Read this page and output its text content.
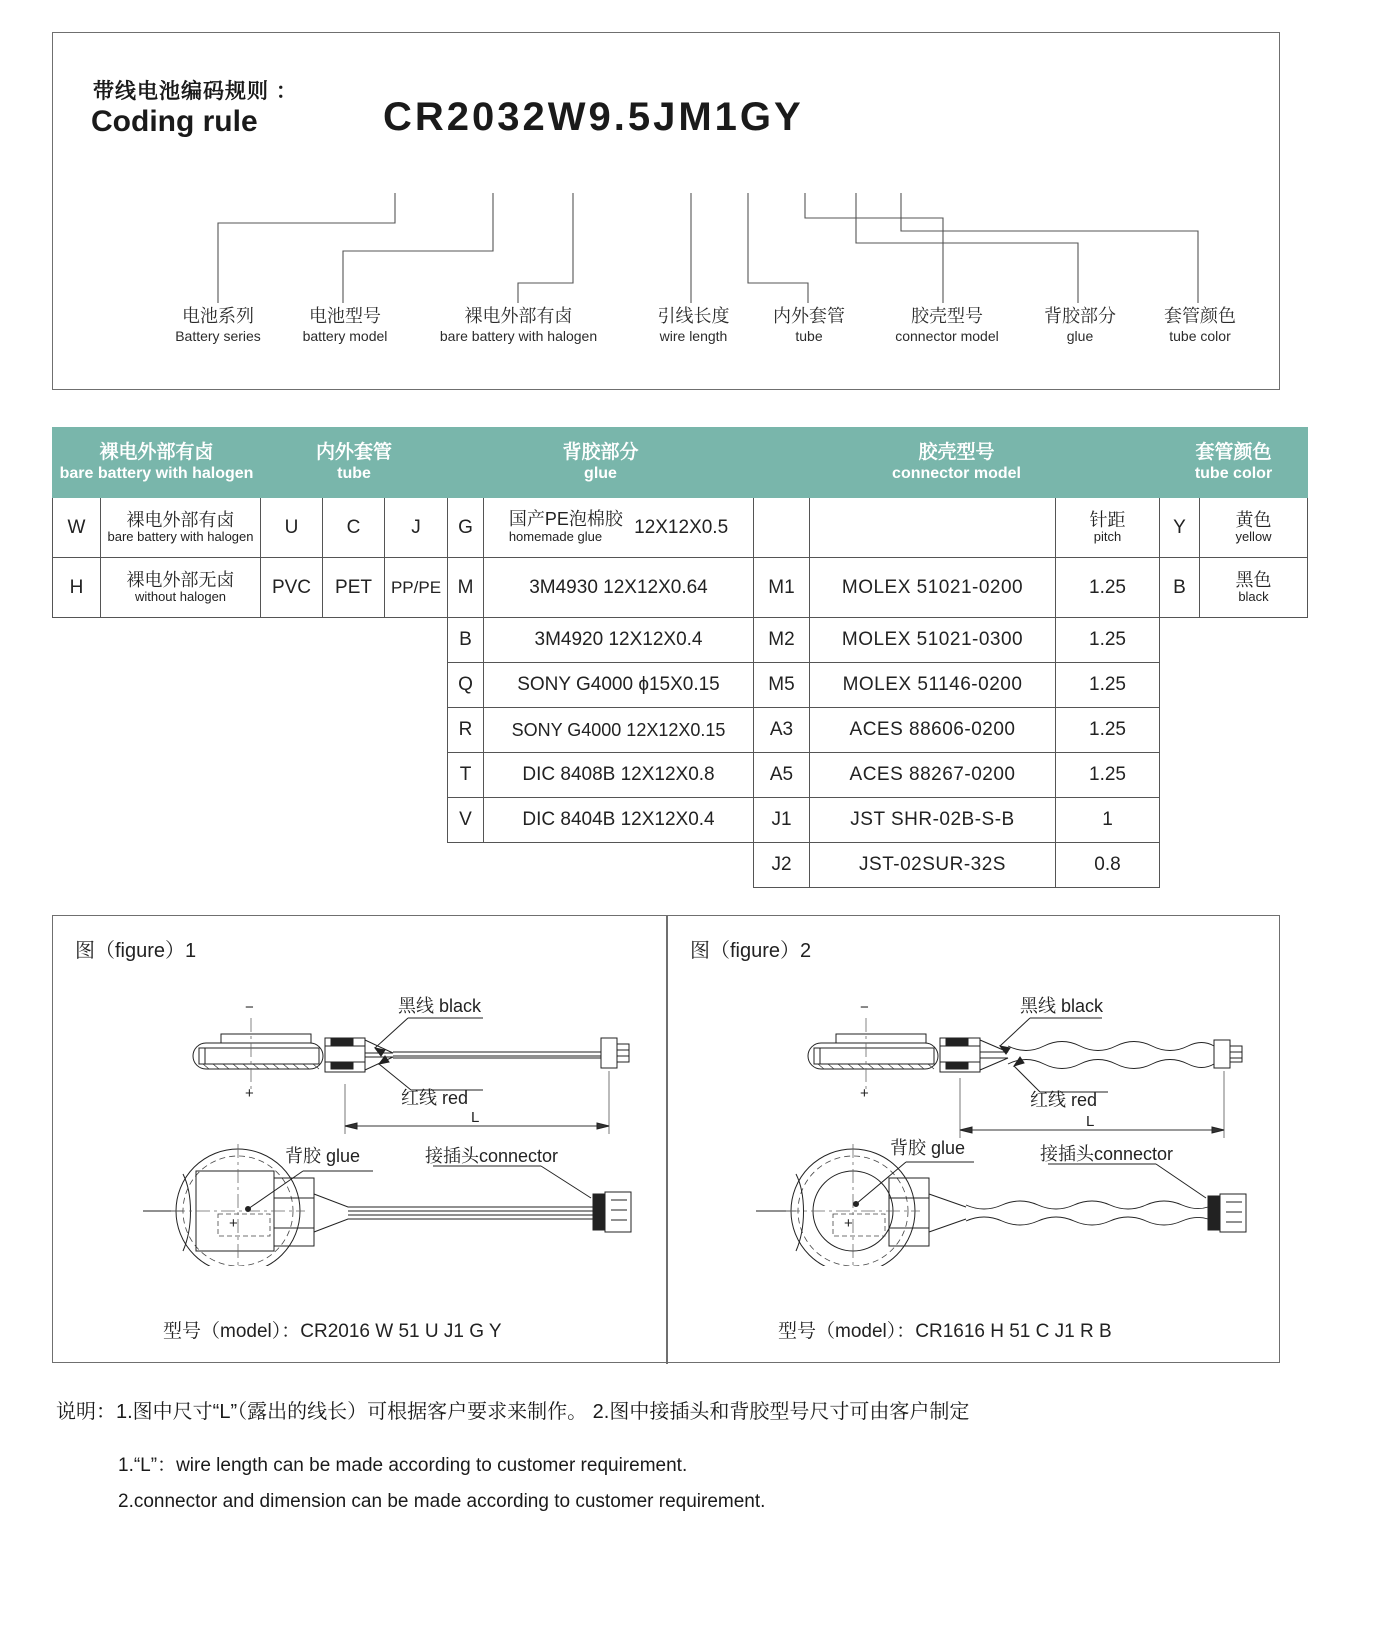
带线电池编码规则 ：
Coding rule	CR2032W9.5JM1GY
电池系列
Battery series
电池型号
battery model
裸电外部有卤
bare battery with halogen
引线长度
wire length
内外套管
tube
胶壳型号
connector model
背胶部分
glue
套管颜色
tube color
裸电外部有卤
bare battery with halogen		内外套管
tube			背胶部分
glue		胶壳型号
connector model			套管颜色
tube color	

W	裸电外部有卤
bare battery with halogen	U	C	J	G	国产PE泡棉胶
homemade glue 12X12X0.5			针距
pitch	Y	黄色
yellow

H	裸电外部无卤
without halogen	PVC	PET	PP/PE	M	3M4930 12X12X0.64	M1	MOLEX 51021-0200	1.25	B	黑色
black

					B	3M4920 12X12X0.4	M2	MOLEX 51021-0300	1.25		
					Q	SONY G4000 ϕ15X0.15	M5	MOLEX 51146-0200	1.25		
					R	SONY G4000 12X12X0.15	A3	ACES 88606-0200	1.25		
					T	DIC 8408B 12X12X0.8	A5	ACES 88267-0200	1.25		
					V	DIC 8404B 12X12X0.4	J1	JST SHR-02B-S-B	1		
							J2	JST-02SUR-32S	0.8		
图（figure）1
黑线 black
红线 red
−
+
L
背胶 glue	接插头connector
+
型号（model）：CR2016 W 51 U J1 G Y
图（figure）2
黑线 black
红线 red
−
+
L
背胶 glue	接插头connector
+
型号（model）：CR1616 H 51 C J1 R B
说明：1.图中尺寸“L”（露出的线长）可根据客户要求来制作。 2.图中接插头和背胶型号尺寸可由客户制定
1.“L”：wire length can be made according to customer requirement.
2.connector and dimension can be made according to customer requirement.
